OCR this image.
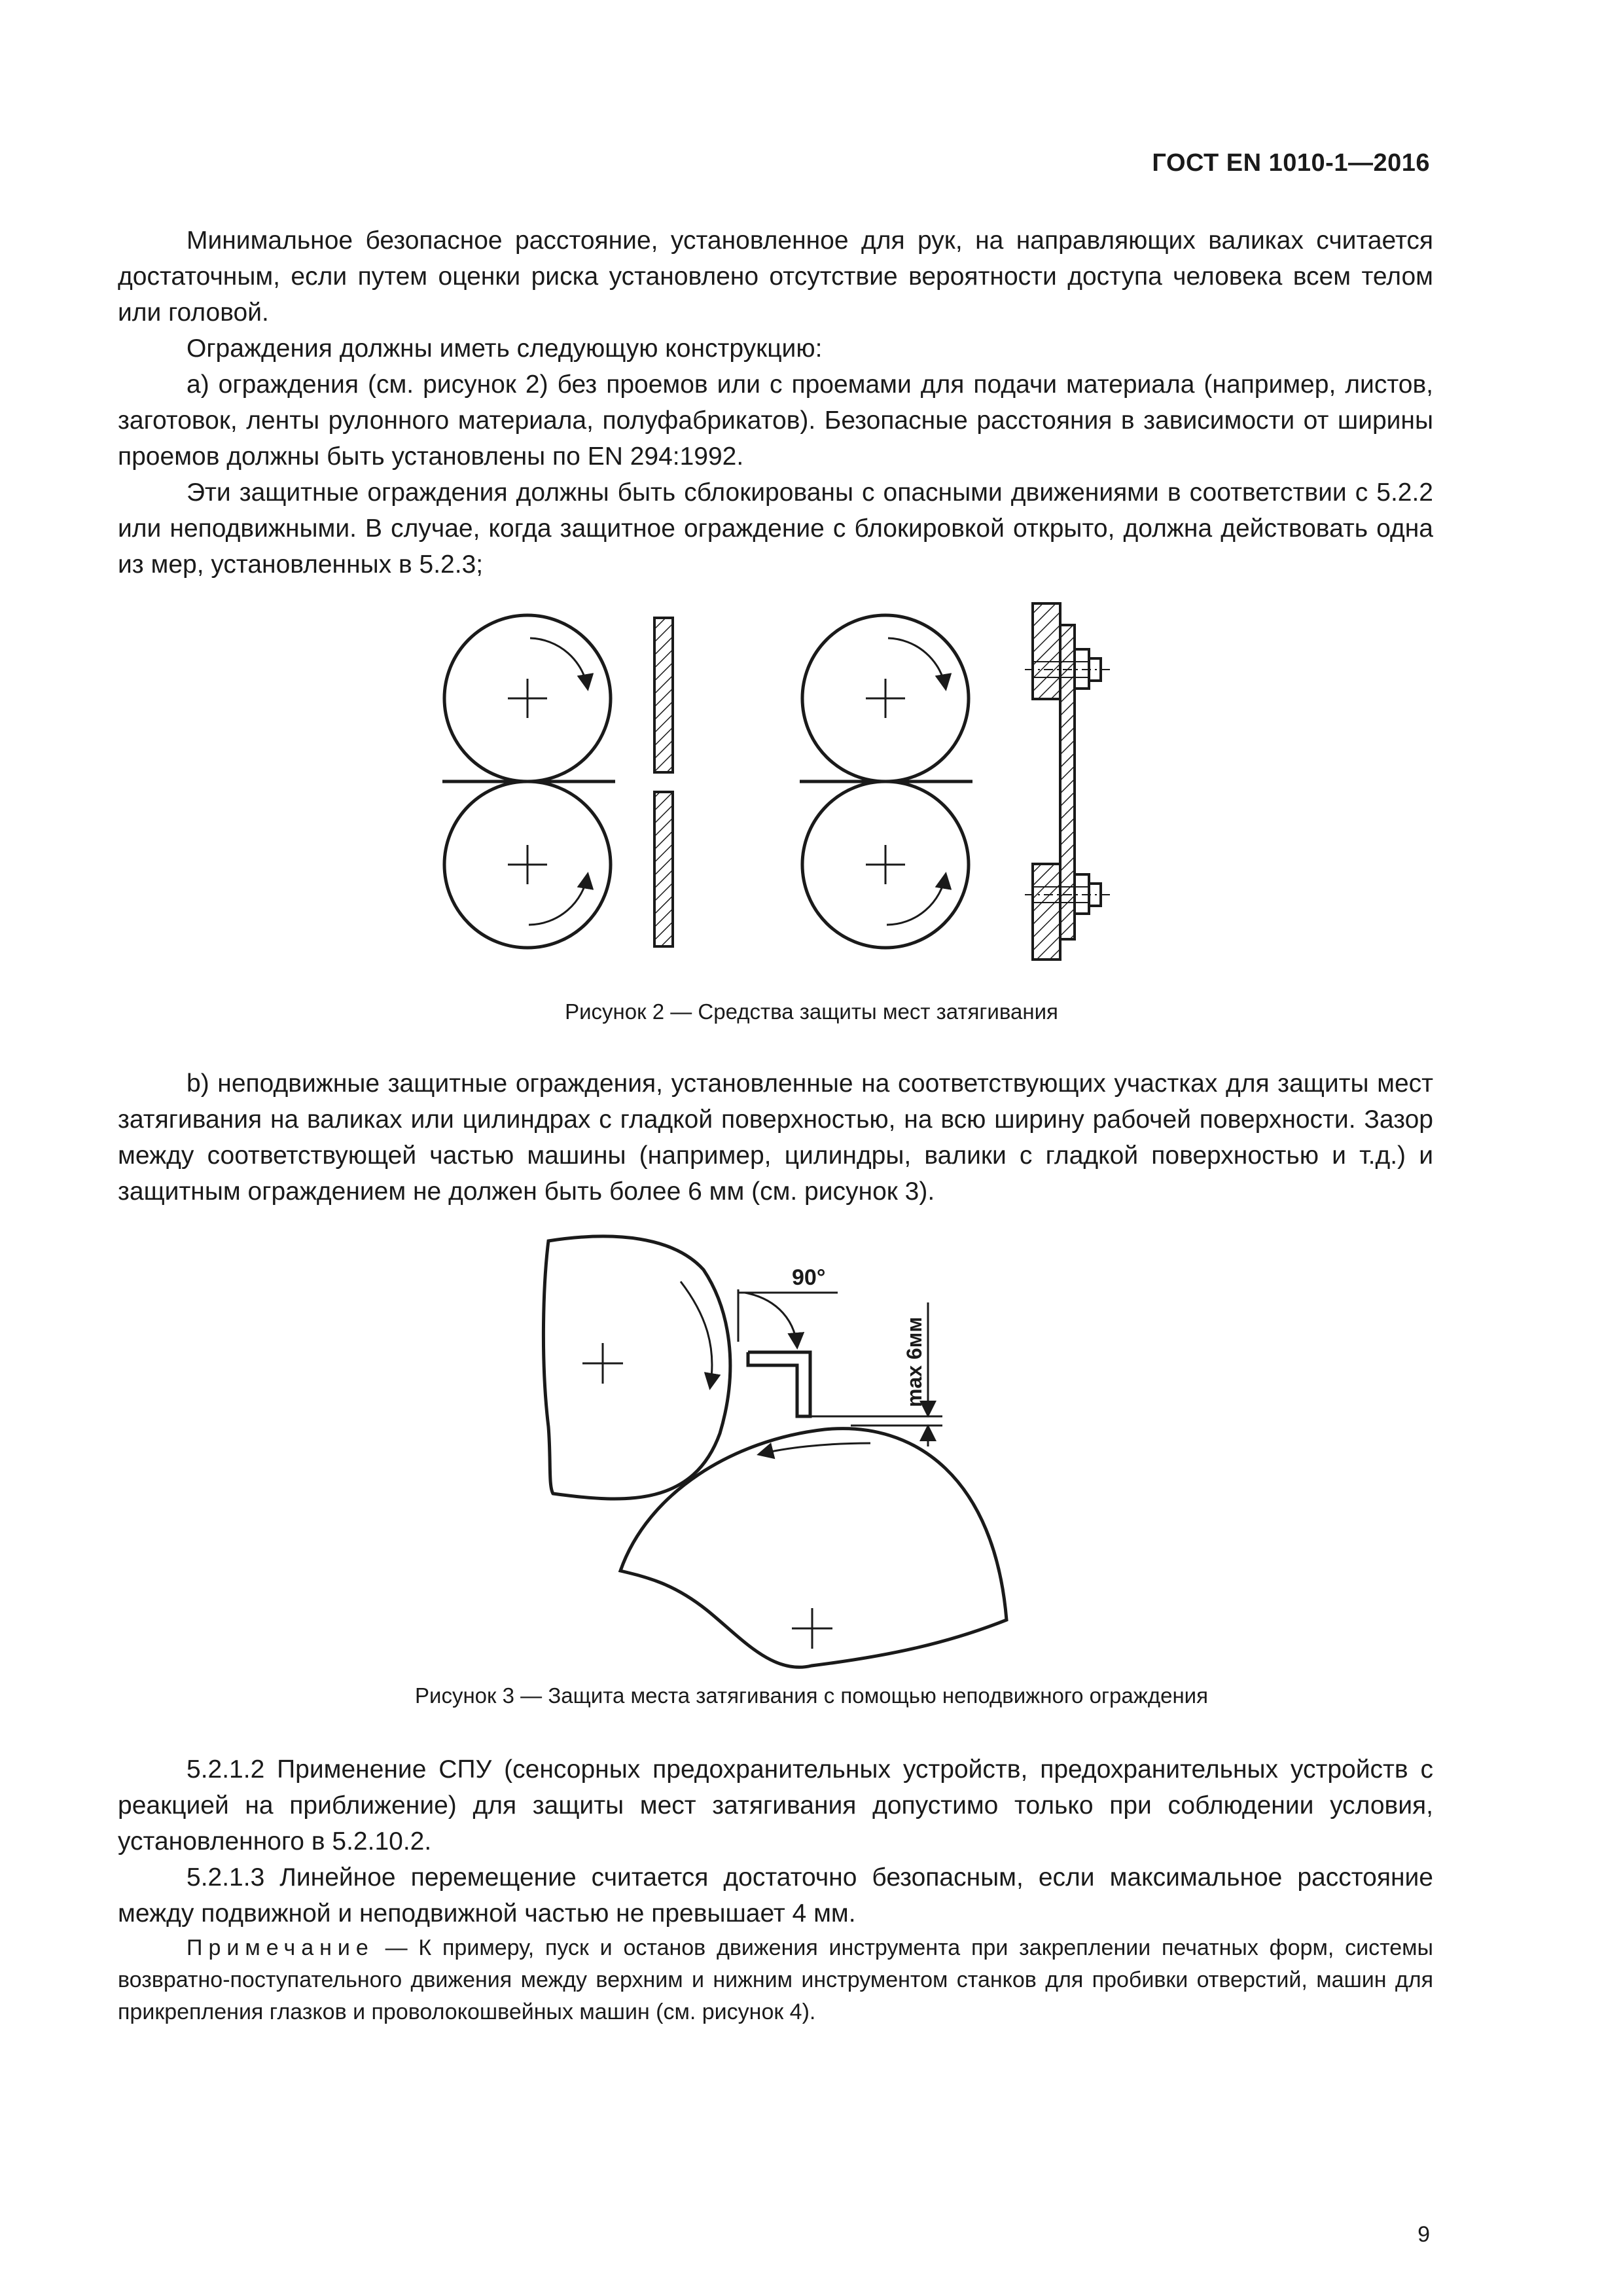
ГОСТ EN 1010-1—2016

Минимальное безопасное расстояние, установленное для рук, на направляющих валиках считается достаточным, если путем оценки риска установлено отсутствие вероятности доступа человека всем телом или головой.

Ограждения должны иметь следующую конструкцию:

a) ограждения (см. рисунок 2) без проемов или с проемами для подачи материала (например, листов, заготовок, ленты рулонного материала, полуфабрикатов). Безопасные расстояния в зависимости от ширины проемов должны быть установлены по EN 294:1992.

Эти защитные ограждения должны быть сблокированы с опасными движениями в соответствии с 5.2.2 или неподвижными. В случае, когда защитное ограждение с блокировкой открыто, должна действовать одна из мер, установленных в 5.2.3;

90°
max 6мм
Рисунок 2 — Средства защиты мест затягивания

b) неподвижные защитные ограждения, установленные на соответствующих участках для защиты мест затягивания на валиках или цилиндрах с гладкой поверхностью, на всю ширину рабочей поверхности. Зазор между соответствующей частью машины (например, цилиндры, валики с гладкой поверхностью и т.д.) и защитным ограждением не должен быть более 6 мм (см. рисунок 3).

Рисунок 3 — Защита места затягивания с помощью неподвижного ограждения

5.2.1.2 Применение СПУ (сенсорных предохранительных устройств, предохранительных устройств с реакцией на приближение) для защиты мест затягивания допустимо только при соблюдении условия, установленного в 5.2.10.2.

5.2.1.3 Линейное перемещение считается достаточно безопасным, если максимальное расстояние между подвижной и неподвижной частью не превышает 4 мм.

Примечание — К примеру, пуск и останов движения инструмента при закреплении печатных форм, системы возвратно-поступательного движения между верхним и нижним инструментом станков для пробивки отверстий, машин для прикрепления глазков и проволокошвейных машин (см. рисунок 4).

9
